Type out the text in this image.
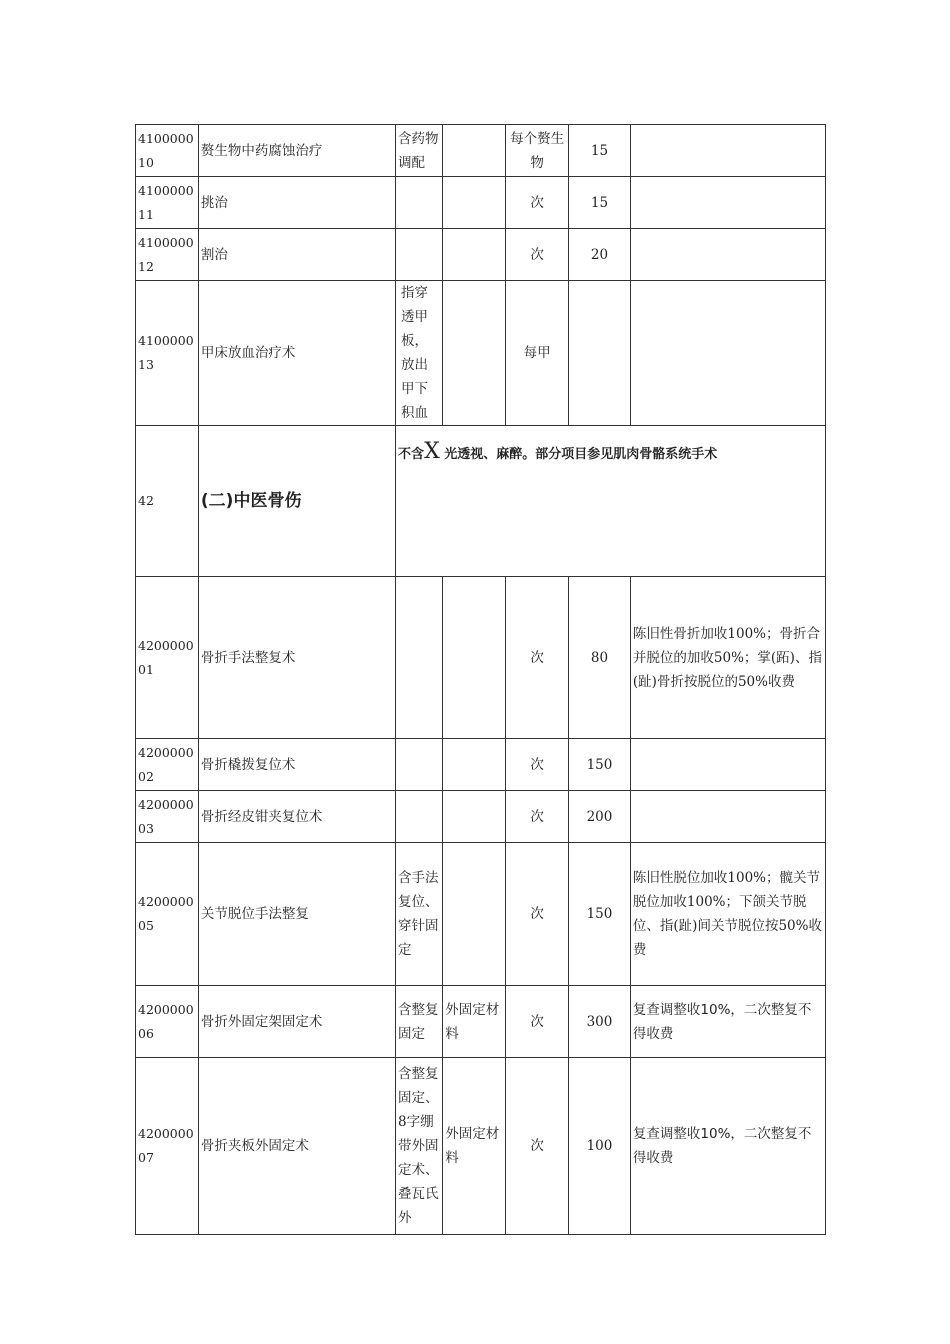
410000010	赘生物中药腐蚀治疗	含药物调配		每个赘生物	15	
410000011	挑治			次	15	
410000012	割治			次	20	
410000013	甲床放血治疗术	指穿透甲板，放出甲下积血		每甲		
42	(二)中医骨伤	不含X 光透视、麻醉。部分项目参见肌肉骨骼系统手术				
420000001	骨折手法整复术			次	80	陈旧性骨折加收100%；骨折合并脱位的加收50%；掌(跖)、指(趾)骨折按脱位的50%收费
420000002	骨折橇拨复位术			次	150	
420000003	骨折经皮钳夹复位术			次	200	
420000005	关节脱位手法整复	含手法复位、穿针固定		次	150	陈旧性脱位加收100%；髋关节脱位加收100%；下颌关节脱位、指(趾)间关节脱位按50%收费
420000006	骨折外固定架固定术	含整复固定	外固定材料	次	300	复查调整收10%，二次整复不得收费
420000007	骨折夹板外固定术	含整复固定、8字绷带外固定术、叠瓦氏外	外固定材料	次	100	复查调整收10%，二次整复不得收费
